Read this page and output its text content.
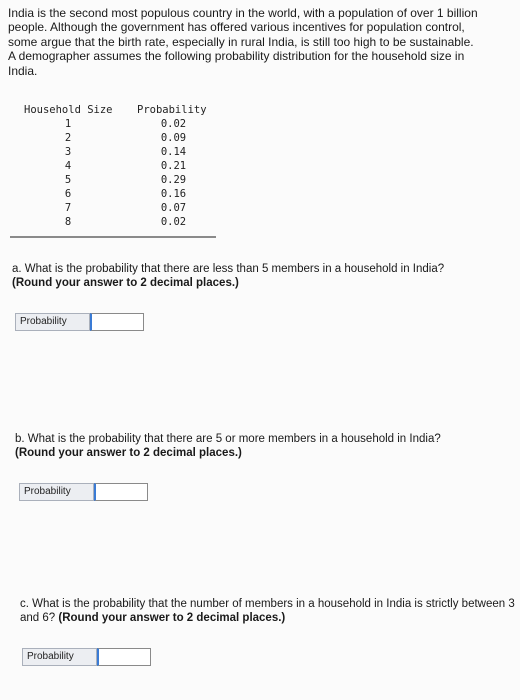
India is the second most populous country in the world, with a population of over 1 billion
people. Although the government has offered various incentives for population control,
some argue that the birth rate, especially in rural India, is still too high to be sustainable.
A demographer assumes the following probability distribution for the household size in
India.

Household Size Probability
1	0.02
2	0.09
3	0.14
4	0.21
5	0.29
6	0.16
7	0.07
8	0.02

a. What is the probability that there are less than 5 members in a household in India?
(Round your answer to 2 decimal places.)

Probability

b. What is the probability that there are 5 or more members in a household in India?
(Round your answer to 2 decimal places.)

Probability

c. What is the probability that the number of members in a household in India is strictly between 3 and 6? (Round your answer to 2 decimal places.)

Probability
